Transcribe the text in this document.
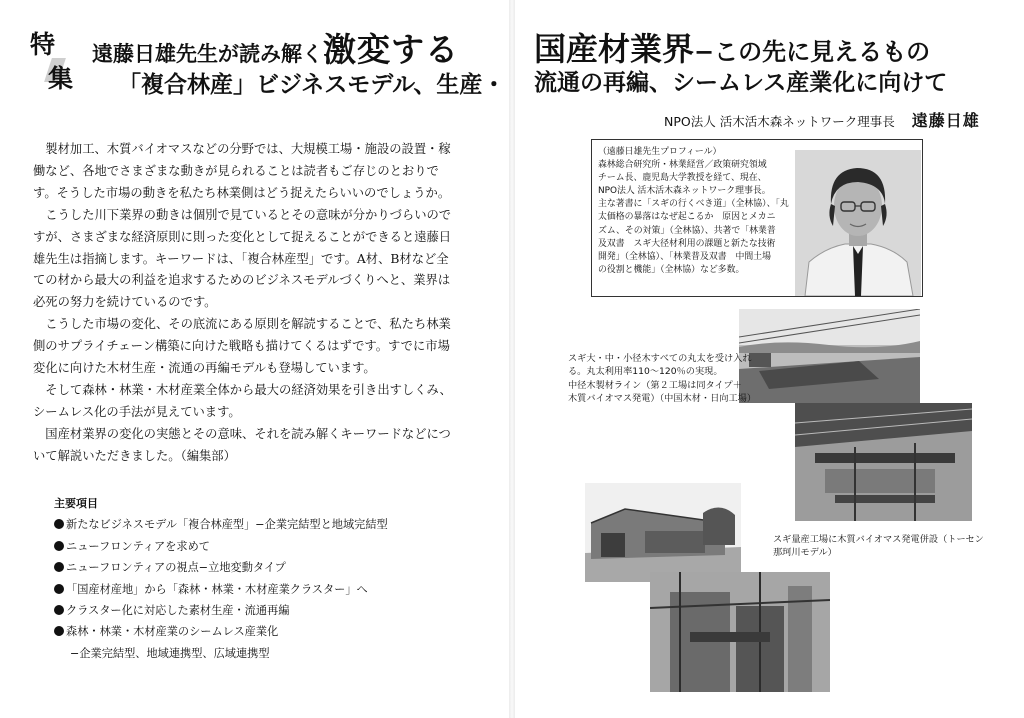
特
集
遠藤日雄先生が読み解く激変する
「複合林産」ビジネスモデル、生産・
国産材業界−この先に見えるもの
流通の再編、シームレス産業化に向けて
NPO法人 活木活木森ネットワーク理事長 遠藤日雄

製材加工、木質バイオマスなどの分野では、大規模工場・施設の設置・稼働など、各地でさまざまな動きが見られることは読者もご存じのとおりです。そうした市場の動きを私たち林業側はどう捉えたらいいのでしょうか。

こうした川下業界の動きは個別で見ているとその意味が分かりづらいのですが、さまざまな経済原則に則った変化として捉えることができると遠藤日雄先生は指摘します。キーワードは、「複合林産型」です。A材、B材など全ての材から最大の利益を追求するためのビジネスモデルづくりへと、業界は必死の努力を続けているのです。

こうした市場の変化、その底流にある原則を解読することで、私たち林業側のサプライチェーン構築に向けた戦略も描けてくるはずです。すでに市場変化に向けた木材生産・流通の再編モデルも登場しています。

そして森林・林業・木材産業全体から最大の経済効果を引き出すしくみ、シームレス化の手法が見えています。

国産材業界の変化の実態とその意味、それを読み解くキーワードなどについて解説いただきました。（編集部）

主要項目
新たなビジネスモデル「複合林産型」−企業完結型と地域完結型
ニューフロンティアを求めて
ニューフロンティアの視点−立地変動タイプ
「国産材産地」から「森林・林業・木材産業クラスター」へ
クラスター化に対応した素材生産・流通再編
森林・林業・木材産業のシームレス産業化
−企業完結型、地域連携型、広域連携型
（遠藤日雄先生プロフィール）
森林総合研究所・林業経営／政策研究領域
チーム長、鹿児島大学教授を経て、現在、
NPO法人 活木活木森ネットワーク理事長。
主な著書に「スギの行くべき道」（全林協）、「丸
太価格の暴落はなぜ起こるか　原因とメカニ
ズム、その対策」（全林協）、共著で「林業普
及双書　スギ大径材利用の課題と新たな技術
開発」（全林協）、「林業普及双書　中間土場
の役割と機能」（全林協）など多数。
スギ大・中・小径木すべての丸太を受け入れ
る。丸太利用率110〜120％の実現。
中径木製材ライン（第２工場は同タイプ＋
木質バイオマス発電）（中国木材・日向工場）
スギ量産工場に木質バイオマス発電併設（トーセン
那珂川モデル）
